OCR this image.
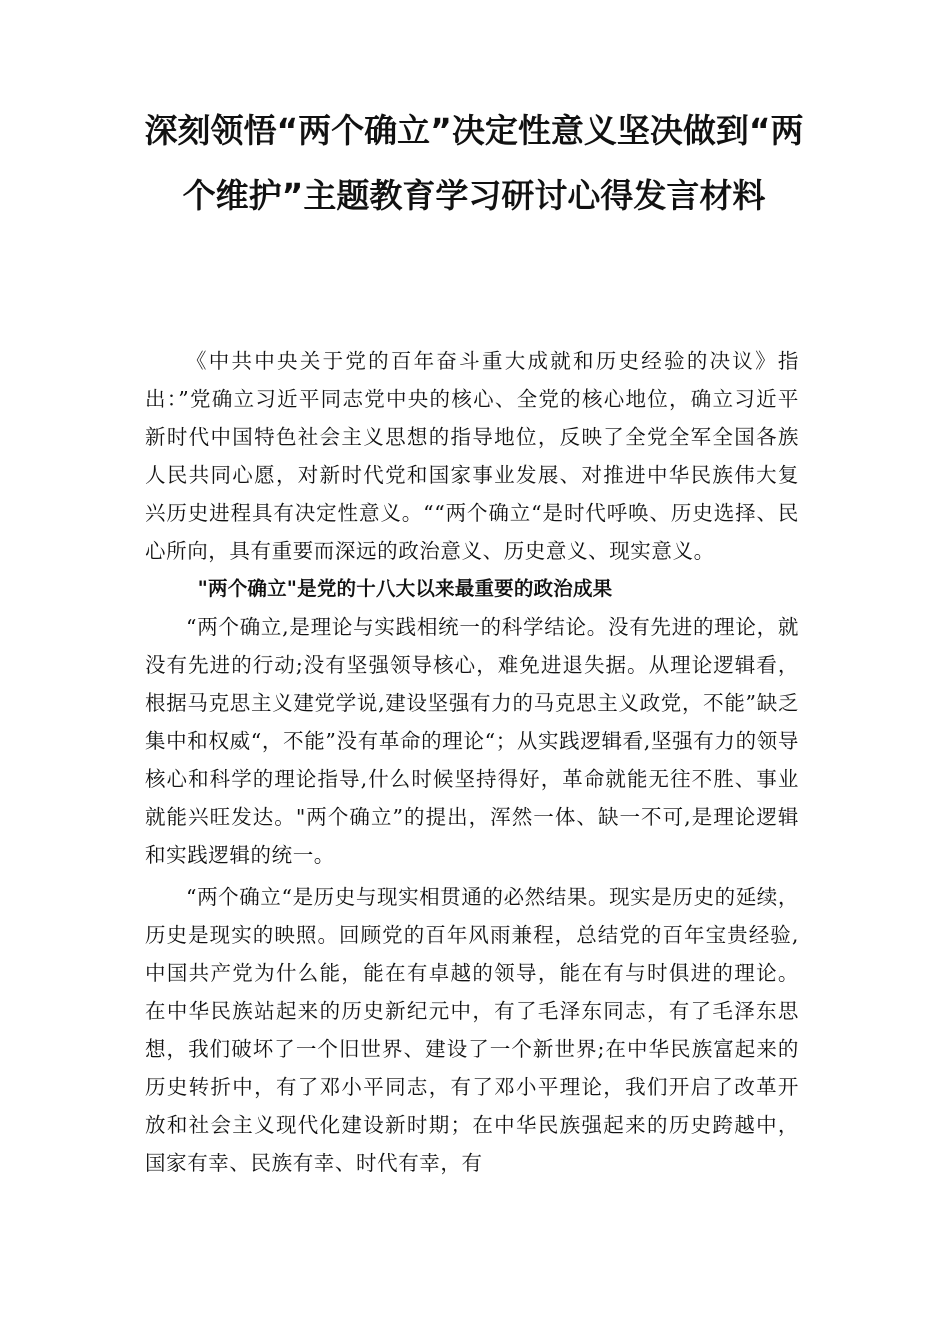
深刻领悟“两个确立”决定性意义坚决做到“两个维护”主题教育学习研讨心得发言材料

《中共中央关于党的百年奋斗重大成就和历史经验的决议》指出：”党确立习近平同志党中央的核心、全党的核心地位，确立习近平新时代中国特色社会主义思想的指导地位，反映了全党全军全国各族人民共同心愿，对新时代党和国家事业发展、对推进中华民族伟大复兴历史进程具有决定性意义。““两个确立“是时代呼唤、历史选择、民心所向，具有重要而深远的政治意义、历史意义、现实意义。

"两个确立"是党的十八大以来最重要的政治成果

“两个确立,是理论与实践相统一的科学结论。没有先进的理论，就没有先进的行动;没有坚强领导核心，难免进退失据。从理论逻辑看，根据马克思主义建党学说,建设坚强有力的马克思主义政党，不能”缺乏集中和权威“，不能”没有革命的理论“；从实践逻辑看,坚强有力的领导核心和科学的理论指导,什么时候坚持得好，革命就能无往不胜、事业就能兴旺发达。"两个确立”的提出，浑然一体、缺一不可,是理论逻辑和实践逻辑的统一。

“两个确立“是历史与现实相贯通的必然结果。现实是历史的延续，历史是现实的映照。回顾党的百年风雨兼程，总结党的百年宝贵经验,中国共产党为什么能，能在有卓越的领导，能在有与时俱进的理论。在中华民族站起来的历史新纪元中，有了毛泽东同志，有了毛泽东思想，我们破坏了一个旧世界、建设了一个新世界;在中华民族富起来的历史转折中，有了邓小平同志，有了邓小平理论，我们开启了改革开放和社会主义现代化建设新时期；在中华民族强起来的历史跨越中，国家有幸、民族有幸、时代有幸，有
